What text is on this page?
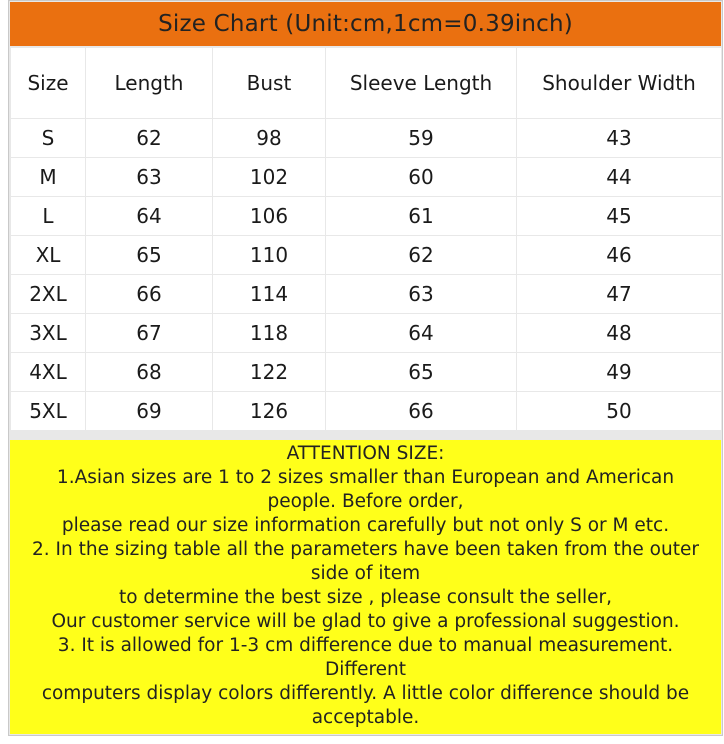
Size Chart (Unit:cm,1cm=0.39inch)
Size	Length	Bust	Sleeve Length	Shoulder Width
S	62	98	59	43
M	63	102	60	44
L	64	106	61	45
XL	65	110	62	46
2XL	66	114	63	47
3XL	67	118	64	48
4XL	68	122	65	49
5XL	69	126	66	50
ATTENTION SIZE:
1.Asian sizes are 1 to 2 sizes smaller than European and American
people. Before order,
please read our size information carefully but not only S or M etc.
2. In the sizing table all the parameters have been taken from the outer
side of item
to determine the best size , please consult the seller,
Our customer service will be glad to give a professional suggestion.
3. It is allowed for 1-3 cm difference due to manual measurement.
Different
computers display colors differently. A little color difference should be
acceptable.
